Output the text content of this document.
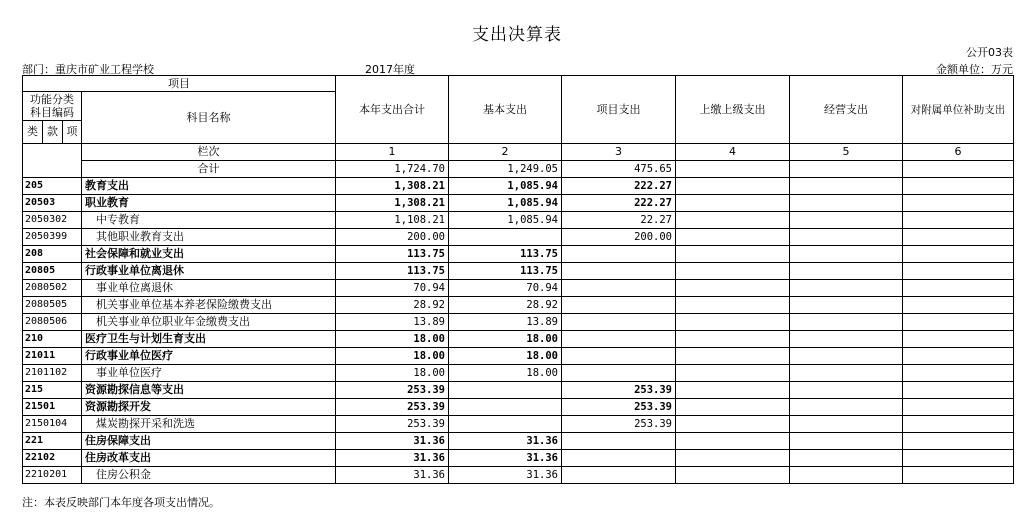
支出决算表
公开03表
部门：重庆市矿业工程学校	2017年度	金额单位：万元
项目				本年支出合计	基本支出	项目支出	上缴上级支出	经营支出	对附属单位补助支出
功能分类
科目编码			科目名称						

类	款	项							
			栏次	1	2	3	4	5	6
			合计	1,724.70	1,249.05	475.65			
205			教育支出	1,308.21	1,085.94	222.27			
20503			职业教育	1,308.21	1,085.94	222.27			
2050302			中专教育	1,108.21	1,085.94	22.27			
2050399			其他职业教育支出	200.00		200.00			
208			社会保障和就业支出	113.75	113.75				
20805			行政事业单位离退休	113.75	113.75				
2080502			事业单位离退休	70.94	70.94				
2080505			机关事业单位基本养老保险缴费支出	28.92	28.92				
2080506			机关事业单位职业年金缴费支出	13.89	13.89				
210			医疗卫生与计划生育支出	18.00	18.00				
21011			行政事业单位医疗	18.00	18.00				
2101102			事业单位医疗	18.00	18.00				
215			资源勘探信息等支出	253.39		253.39			
21501			资源勘探开发	253.39		253.39			
2150104			煤炭勘探开采和洗选	253.39		253.39			
221			住房保障支出	31.36	31.36				
22102			住房改革支出	31.36	31.36				
2210201			住房公积金	31.36	31.36				
注：本表反映部门本年度各项支出情况。
